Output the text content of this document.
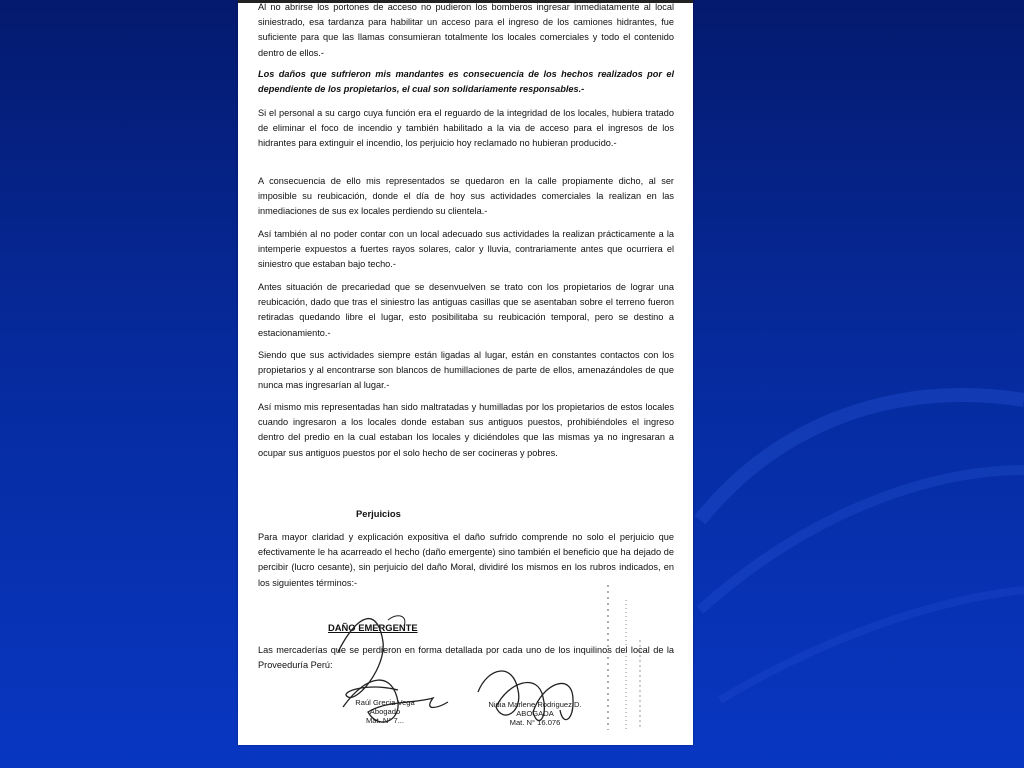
Al no abrirse los portones de acceso no pudieron los bomberos ingresar inmediatamente al local siniestrado, esa tardanza para habilitar un acceso para el ingreso de los camiones hidrantes, fue suficiente para que las llamas consumieran totalmente los locales comerciales y todo el contenido dentro de ellos.-

Los daños que sufrieron mis mandantes es consecuencia de los hechos realizados por el dependiente de los propietarios, el cual son solidariamente responsables.-

Si el personal a su cargo cuya función era el reguardo de la integridad de los locales, hubiera tratado de eliminar el foco de incendio y también habilitado a la via de acceso para el ingresos de los hidrantes para extinguir el incendio, los perjuicio hoy reclamado no hubieran producido.-

A consecuencia de ello mis representados se quedaron en la calle propiamente dicho, al ser imposible su reubicación, donde el día de hoy sus actividades comerciales la realizan en las inmediaciones de sus ex locales perdiendo su clientela.-

Así también al no poder contar con un local adecuado sus actividades la realizan prácticamente a la intemperie expuestos a fuertes rayos solares, calor y lluvia, contrariamente antes que ocurriera el siniestro que estaban bajo techo.-

Antes situación de precariedad que se desenvuelven se trato con los propietarios de lograr una reubicación, dado que tras el siniestro las antiguas casillas que se asentaban sobre el terreno fueron retiradas quedando libre el lugar, esto posibilitaba su reubicación temporal, pero se destino a estacionamiento.-

Siendo que sus actividades siempre están ligadas al lugar, están en constantes contactos con los propietarios y al encontrarse son blancos de humillaciones de parte de ellos, amenazándoles de que nunca mas ingresarían al lugar.-

Así mismo mis representadas han sido maltratadas y humilladas por los propietarios de estos locales cuando ingresaron a los locales donde estaban sus antiguos puestos, prohibiéndoles el ingreso dentro del predio en la cual estaban los locales y diciéndoles que las mismas ya no ingresaran a ocupar sus antiguos puestos por el solo hecho de ser cocineras y pobres.

Perjuicios

Para mayor claridad y explicación expositiva el daño sufrido comprende no solo el perjuicio que efectivamente le ha acarreado el hecho (daño emergente) sino también el beneficio que ha dejado de percibir (lucro cesante), sin perjuicio del daño Moral, dividiré los mismos en los rubros indicados, en los siguientes términos:-

DAÑO EMERGENTE

Las mercaderías que se perdieron en forma detallada por cada uno de los inquilinos del local de la Proveeduría Perú:

Raúl Grecia Vega
Abogado
Mat. N° 7...
Nidia Marlene Rodriguez D.
ABOGADA
Mat. N° 16.076
